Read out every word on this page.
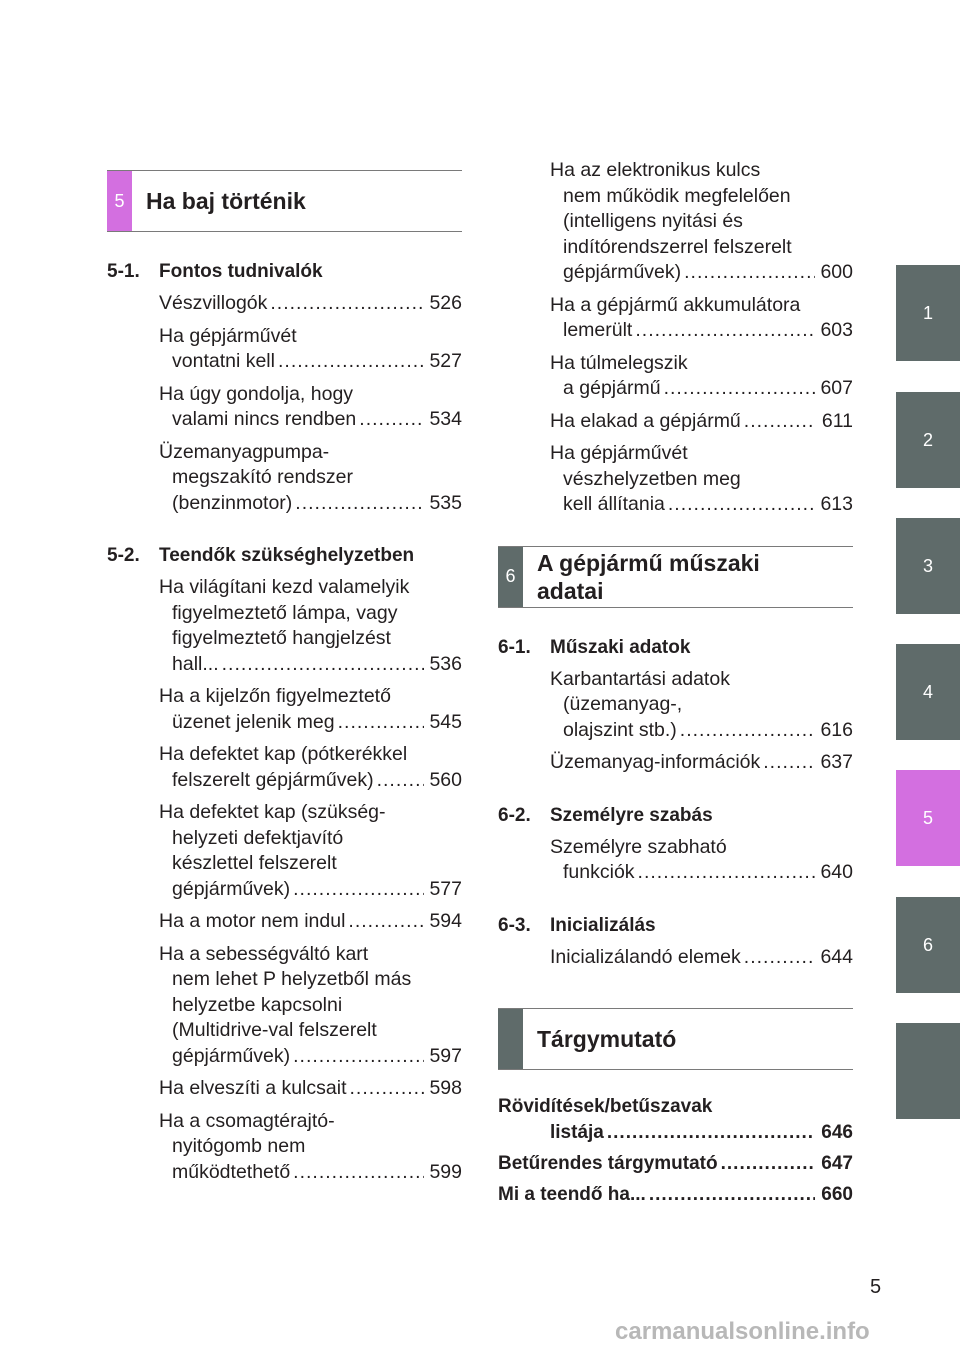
5 Ha baj történik
5-1.	Fontos tudnivalók
Vészvillogók .....	526
Ha gépjárművét
vontatni kell .....	527
Ha úgy gondolja, hogy
valami nincs rendben .....	534
Üzemanyagpumpa-
megszakító rendszer
(benzinmotor) .....	535
5-2.	Teendők szükséghelyzetben
Ha világítani kezd valamelyik
figyelmeztető lámpa, vagy
figyelmeztető hangjelzést
hall... .....	536
Ha a kijelzőn figyelmeztető
üzenet jelenik meg .....	545
Ha defektet kap (pótkerékkel
felszerelt gépjárművek) .....	560
Ha defektet kap (szükség-
helyzeti defektjavító
készlettel felszerelt
gépjárművek) .....	577
Ha a motor nem indul .....	594
Ha a sebességváltó kart
nem lehet P helyzetből más
helyzetbe kapcsolni
(Multidrive-val felszerelt
gépjárművek) .....	597
Ha elveszíti a kulcsait .....	598
Ha a csomagtérajtó-
nyitógomb nem
működtethető .....	599
Ha az elektronikus kulcs
nem működik megfelelően
(intelligens nyitási és
indítórendszerrel felszerelt
gépjárművek) .....	600
Ha a gépjármű akkumulátora
lemerült .....	603
Ha túlmelegszik
a gépjármű .....	607
Ha elakad a gépjármű .....	611
Ha gépjárművét
vészhelyzetben meg
kell állítania .....	613
6
A gépjármű műszaki
adatai
6-1.	Műszaki adatok
Karbantartási adatok
(üzemanyag-,
olajszint stb.) .....	616
Üzemanyag-információk .....	637
6-2.	Személyre szabás
Személyre szabható
funkciók .....	640
6-3.	Inicializálás
Inicializálandó elemek .....	644
Tárgymutató
Rövidítések/betűszavak
listája .....	646
Betűrendes tárgymutató .....	647
Mi a teendő ha... .....	660
1
2
3
4
5
6
5
carmanualsonline.info
